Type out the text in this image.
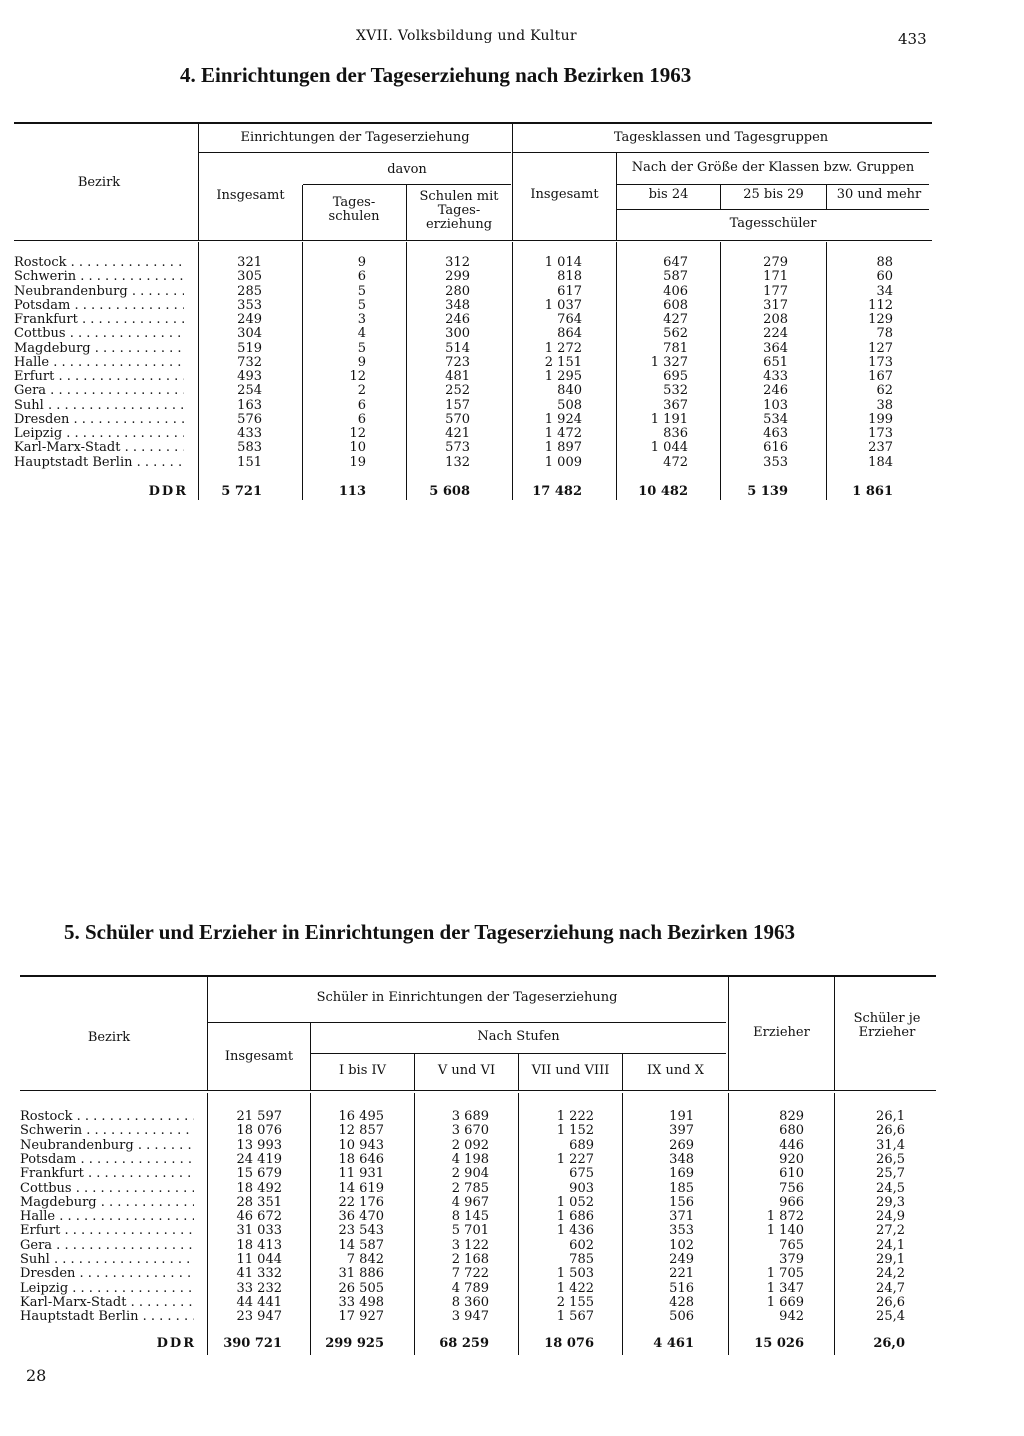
XVII. Volksbildung und Kultur	433
4. Einrichtungen der Tageserziehung nach Bezirken 1963
Bezirk
Einrichtungen der Tageserziehung
Insgesamt
davon
Tages- schulen
Schulen mit Tages- erziehung
Tagesklassen und Tagesgruppen
Insgesamt
Nach der Größe der Klassen bzw. Gruppen
bis 24	25 bis 29	30 und mehr
Tagesschüler
Rostock . . .	321	9	312	1 014	647	279	88
Schwerin . . .	305	6	299	818	587	171	60
Neubrandenburg . . .	285	5	280	617	406	177	34
Potsdam . . .	353	5	348	1 037	608	317	112
Frankfurt . . .	249	3	246	764	427	208	129
Cottbus . . .	304	4	300	864	562	224	78
Magdeburg . . .	519	5	514	1 272	781	364	127
Halle . . .	732	9	723	2 151	1 327	651	173
Erfurt . . .	493	12	481	1 295	695	433	167
Gera . . .	254	2	252	840	532	246	62
Suhl . . .	163	6	157	508	367	103	38
Dresden . . .	576	6	570	1 924	1 191	534	199
Leipzig . . .	433	12	421	1 472	836	463	173
Karl-Marx-Stadt . . .	583	10	573	1 897	1 044	616	237
Hauptstadt Berlin . . .	151	19	132	1 009	472	353	184
DDR	5 721	113	5 608	17 482	10 482	5 139	1 861
5. Schüler und Erzieher in Einrichtungen der Tageserziehung nach Bezirken 1963
Bezirk
Schüler in Einrichtungen der Tageserziehung
Insgesamt
Nach Stufen
I bis IV	V und VI	VII und VIII	IX und X
Erzieher
Schüler je Erzieher
Rostock . . .	21 597	16 495	3 689	1 222	191	829	26,1
Schwerin . . .	18 076	12 857	3 670	1 152	397	680	26,6
Neubrandenburg . . .	13 993	10 943	2 092	689	269	446	31,4
Potsdam . . .	24 419	18 646	4 198	1 227	348	920	26,5
Frankfurt . . .	15 679	11 931	2 904	675	169	610	25,7
Cottbus . . .	18 492	14 619	2 785	903	185	756	24,5
Magdeburg . . .	28 351	22 176	4 967	1 052	156	966	29,3
Halle . . .	46 672	36 470	8 145	1 686	371	1 872	24,9
Erfurt . . .	31 033	23 543	5 701	1 436	353	1 140	27,2
Gera . . .	18 413	14 587	3 122	602	102	765	24,1
Suhl . . .	11 044	7 842	2 168	785	249	379	29,1
Dresden . . .	41 332	31 886	7 722	1 503	221	1 705	24,2
Leipzig . . .	33 232	26 505	4 789	1 422	516	1 347	24,7
Karl-Marx-Stadt . . .	44 441	33 498	8 360	2 155	428	1 669	26,6
Hauptstadt Berlin . . .	23 947	17 927	3 947	1 567	506	942	25,4
DDR	390 721	299 925	68 259	18 076	4 461	15 026	26,0
28
